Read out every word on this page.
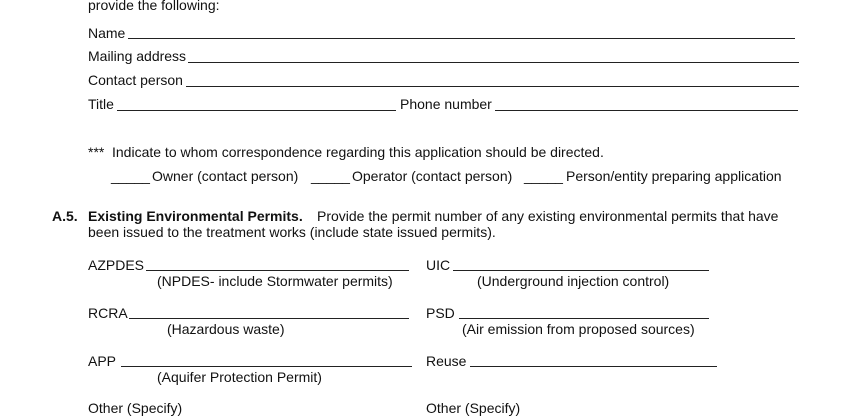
provide the following:
Name
Mailing address
Contact person
Title	Phone number
*** Indicate to whom correspondence regarding this application should be directed.
_____ Owner (contact person) _____ Operator (contact person) _____ Person/entity preparing application
A.5. Existing Environmental Permits. Provide the permit number of any existing environmental permits that have
been issued to the treatment works (include state issued permits).
AZPDES
(NPDES- include Stormwater permits)
UIC
(Underground injection control)
RCRA
(Hazardous waste)
PSD
(Air emission from proposed sources)
APP
(Aquifer Protection Permit)
Reuse
Other (Specify)	Other (Specify)
